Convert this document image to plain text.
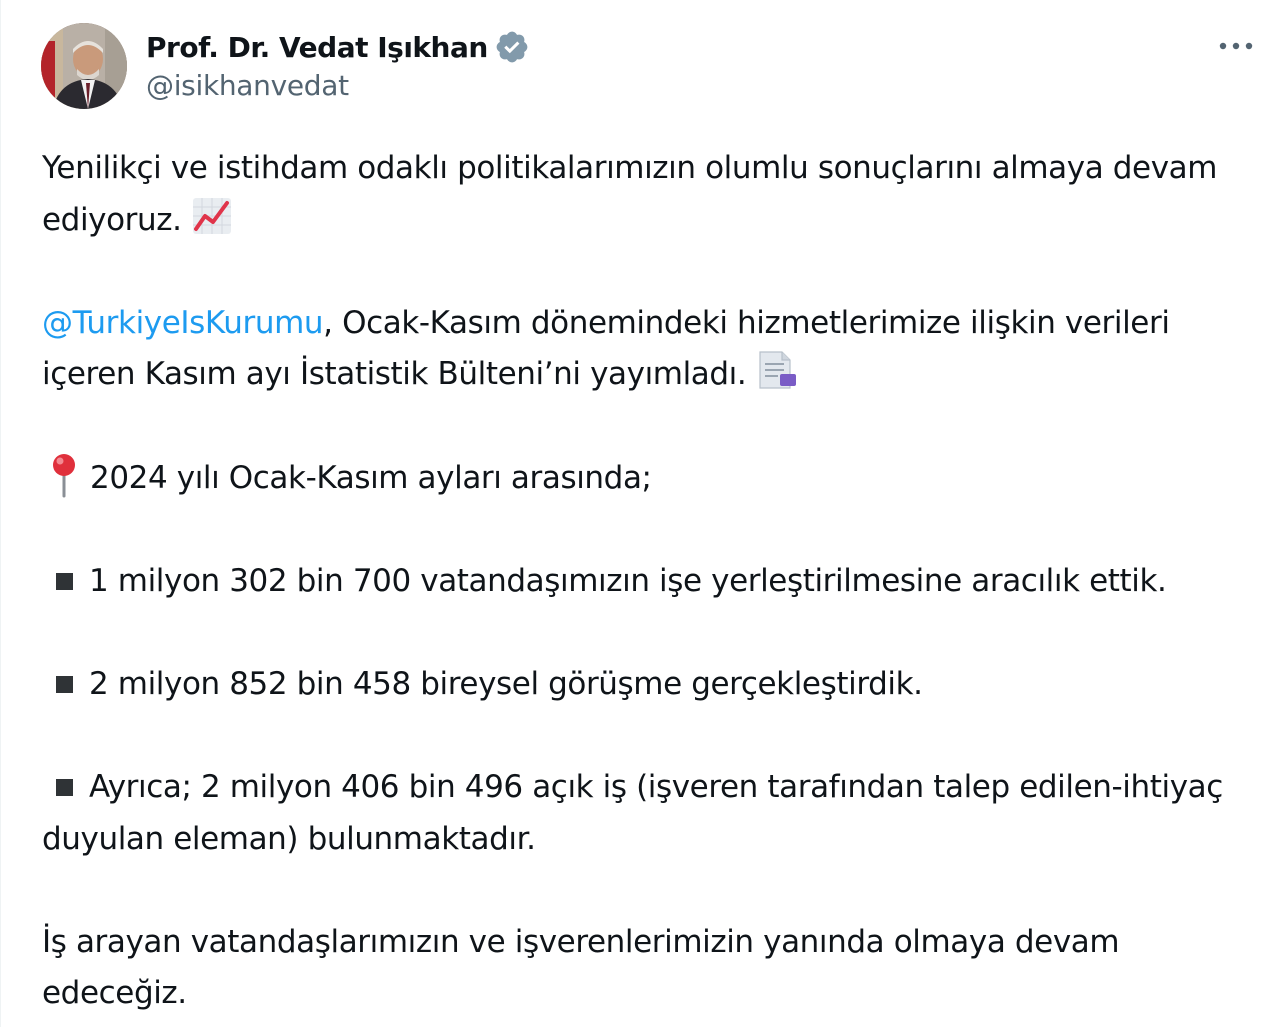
Prof. Dr. Vedat Işıkhan
@isikhanvedat

Yenilikçi ve istihdam odaklı politikalarımızın olumlu sonuçlarını almaya devam ediyoruz.

@TurkiyeIsKurumu, Ocak-Kasım dönemindeki hizmetlerimize ilişkin verileri içeren Kasım ayı İstatistik Bülteni’ni yayımladı.

2024 yılı Ocak-Kasım ayları arasında;

1 milyon 302 bin 700 vatandaşımızın işe yerleştirilmesine aracılık ettik.

2 milyon 852 bin 458 bireysel görüşme gerçekleştirdik.

Ayrıca; 2 milyon 406 bin 496 açık iş (işveren tarafından talep edilen-ihtiyaç duyulan eleman) bulunmaktadır.

İş arayan vatandaşlarımızın ve işverenlerimizin yanında olmaya devam edeceğiz.
